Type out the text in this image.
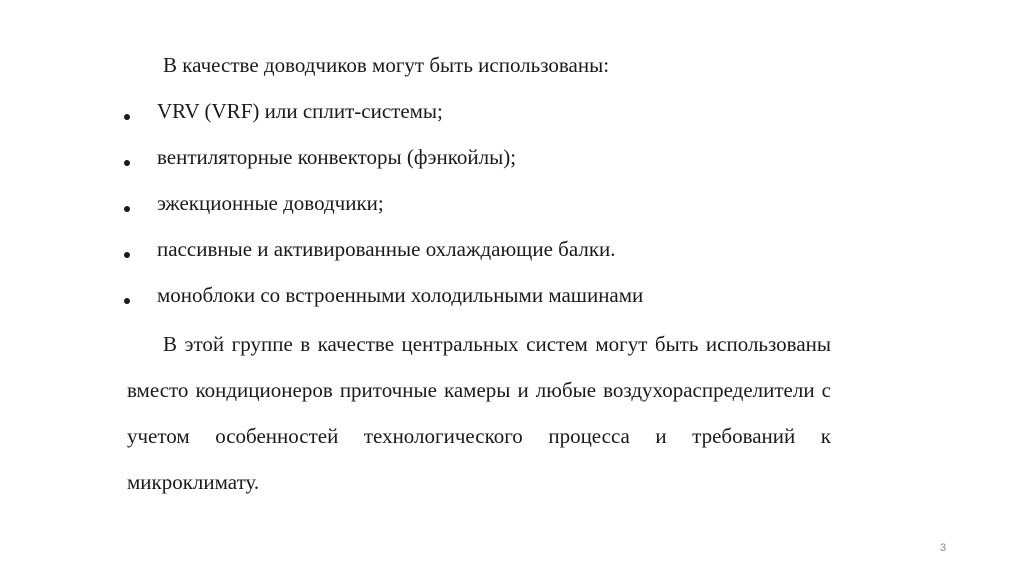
В качестве доводчиков могут быть использованы:
VRV (VRF) или сплит-системы;
вентиляторные конвекторы (фэнкойлы);
эжекционные доводчики;
пассивные и активированные охлаждающие балки.
моноблоки со встроенными холодильными машинами

В этой группе в качестве центральных систем могут быть использованы вместо кондиционеров приточные камеры и любые воздухораспределители с учетом особенностей технологического процесса и требований к микроклимату.

3
